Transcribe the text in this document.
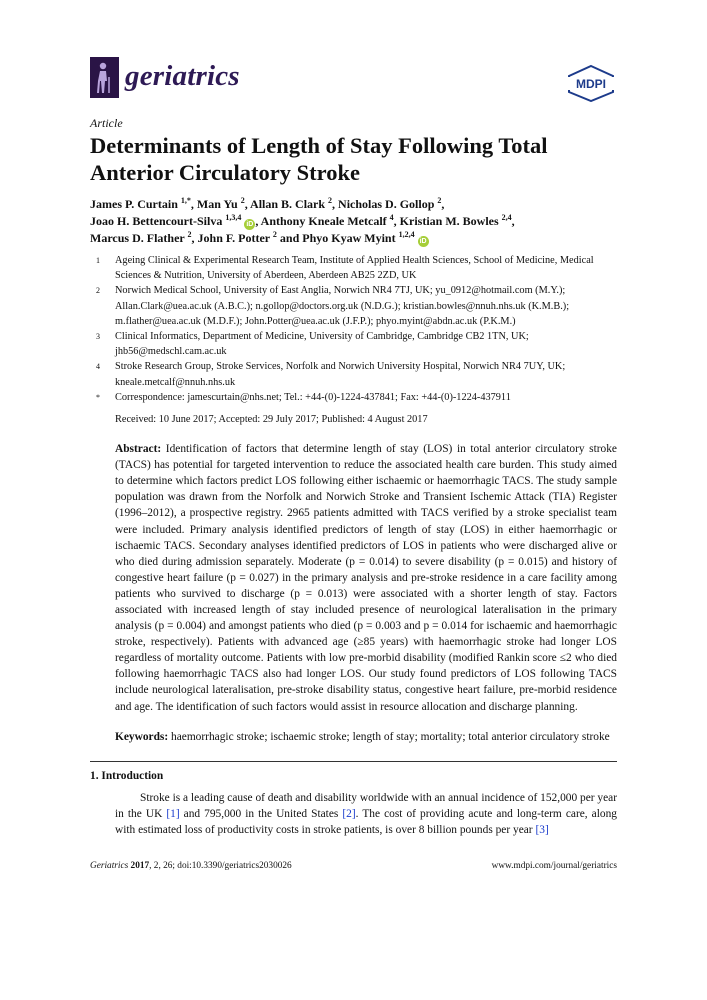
geriatrics	MDPI
Article
Determinants of Length of Stay Following Total Anterior Circulatory Stroke
James P. Curtain $^{1,*}$, Man Yu $^2$, Allan B. Clark $^2$, Nicholas D. Gollop $^2$,
Joao H. Bettencourt-Silva $^{1,3,4}$ iD , Anthony Kneale Metcalf $^4$, Kristian M. Bowles $^{2,4}$,
Marcus D. Flather $^2$, John F. Potter $^2$ and Phyo Kyaw Myint $^{1,2,4}$ iD
1	Ageing Clinical & Experimental Research Team, Institute of Applied Health Sciences, School of Medicine, Medical Sciences & Nutrition, University of Aberdeen, Aberdeen AB25 2ZD, UK
2	Norwich Medical School, University of East Anglia, Norwich NR4 7TJ, UK; yu_0912@hotmail.com (M.Y.); Allan.Clark@uea.ac.uk (A.B.C.); n.gollop@doctors.org.uk (N.D.G.); kristian.bowles@nnuh.nhs.uk (K.M.B.); m.flather@uea.ac.uk (M.D.F.); John.Potter@uea.ac.uk (J.F.P.); phyo.myint@abdn.ac.uk (P.K.M.)
3	Clinical Informatics, Department of Medicine, University of Cambridge, Cambridge CB2 1TN, UK; jhb56@medschl.cam.ac.uk
4	Stroke Research Group, Stroke Services, Norfolk and Norwich University Hospital, Norwich NR4 7UY, UK; kneale.metcalf@nnuh.nhs.uk
*	Correspondence: jamescurtain@nhs.net; Tel.: +44-(0)-1224-437841; Fax: +44-(0)-1224-437911
Received: 10 June 2017; Accepted: 29 July 2017; Published: 4 August 2017
Abstract: Identification of factors that determine length of stay (LOS) in total anterior circulatory stroke (TACS) has potential for targeted intervention to reduce the associated health care burden. This study aimed to determine which factors predict LOS following either ischaemic or haemorrhagic TACS. The study sample population was drawn from the Norfolk and Norwich Stroke and Transient Ischemic Attack (TIA) Register (1996–2012), a prospective registry. 2965 patients admitted with TACS verified by a stroke specialist team were included. Primary analysis identified predictors of length of stay (LOS) in either haemorrhagic or ischaemic TACS. Secondary analyses identified predictors of LOS in patients who were discharged alive or who died during admission separately. Moderate (p = 0.014) to severe disability (p = 0.015) and history of congestive heart failure (p = 0.027) in the primary analysis and pre-stroke residence in a care facility among patients who survived to discharge (p = 0.013) were associated with a shorter length of stay. Factors associated with increased length of stay included presence of neurological lateralisation in the primary analysis (p = 0.004) and amongst patients who died (p = 0.003 and p = 0.014 for ischaemic and haemorrhagic stroke, respectively). Patients with advanced age (≥85 years) with haemorrhagic stroke had longer LOS regardless of mortality outcome. Patients with low pre-morbid disability (modified Rankin score ≤2 who died following haemorrhagic TACS also had longer LOS. Our study found predictors of LOS following TACS include neurological lateralisation, pre-stroke disability status, congestive heart failure, pre-morbid residence and age. The identification of such factors would assist in resource allocation and discharge planning.
Keywords: haemorrhagic stroke; ischaemic stroke; length of stay; mortality; total anterior circulatory stroke
1. Introduction
Stroke is a leading cause of death and disability worldwide with an annual incidence of 152,000 per year in the UK [1] and 795,000 in the United States [2]. The cost of providing acute and long-term care, along with estimated loss of productivity costs in stroke patients, is over 8 billion pounds per year [3]
Geriatrics 2017, 2, 26; doi:10.3390/geriatrics2030026	www.mdpi.com/journal/geriatrics
